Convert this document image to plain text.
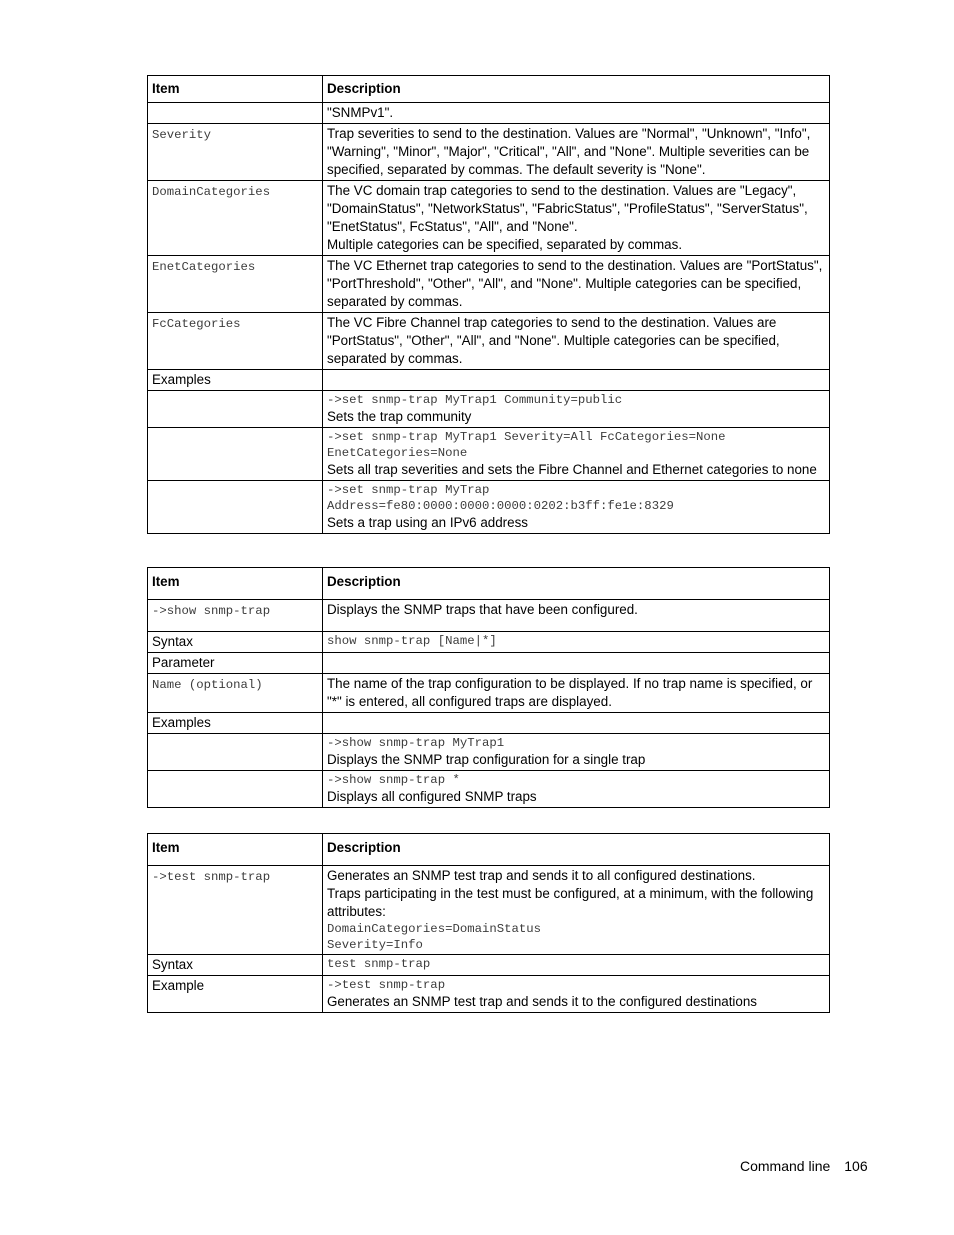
Item	Description
	"SNMPv1".

Severity	Trap severities to send to the destination. Values are "Normal", "Unknown", "Info", "Warning", "Minor", "Major", "Critical", "All", and "None". Multiple severities can be specified, separated by commas. The default severity is "None".

DomainCategories	The VC domain trap categories to send to the destination. Values are "Legacy", "DomainStatus", "NetworkStatus", "FabricStatus", "ProfileStatus", "ServerStatus", "EnetStatus", FcStatus", "All", and "None".
Multiple categories can be specified, separated by commas.

EnetCategories	The VC Ethernet trap categories to send to the destination. Values are "PortStatus", "PortThreshold", "Other", "All", and "None". Multiple categories can be specified, separated by commas.

FcCategories	The VC Fibre Channel trap categories to send to the destination. Values are "PortStatus", "Other", "All", and "None". Multiple categories can be specified, separated by commas.
Examples	

	->set snmp-trap MyTrap1 Community=public
Sets the trap community

	->set snmp-trap MyTrap1 Severity=All FcCategories=None EnetCategories=None
Sets all trap severities and sets the Fibre Channel and Ethernet categories to none

	->set snmp-trap MyTrap Address=fe80:0000:0000:0000:0202:b3ff:fe1e:8329
Sets a trap using an IPv6 address
Item	Description

->show snmp-trap	Displays the SNMP traps that have been configured.
Syntax	show snmp-trap [Name|*]

Parameter	

Name (optional)	The name of the trap configuration to be displayed. If no trap name is specified, or "*" is entered, all configured traps are displayed.
Examples	

	->show snmp-trap MyTrap1
Displays the SNMP trap configuration for a single trap

	->show snmp-trap *
Displays all configured SNMP traps
Item	Description

->test snmp-trap	Generates an SNMP test trap and sends it to all configured destinations.
Traps participating in the test must be configured, at a minimum, with the following attributes:
DomainCategories=DomainStatus
Severity=Info

Syntax	test snmp-trap

Example	->test snmp-trap
Generates an SNMP test trap and sends it to the configured destinations
Command line 106
